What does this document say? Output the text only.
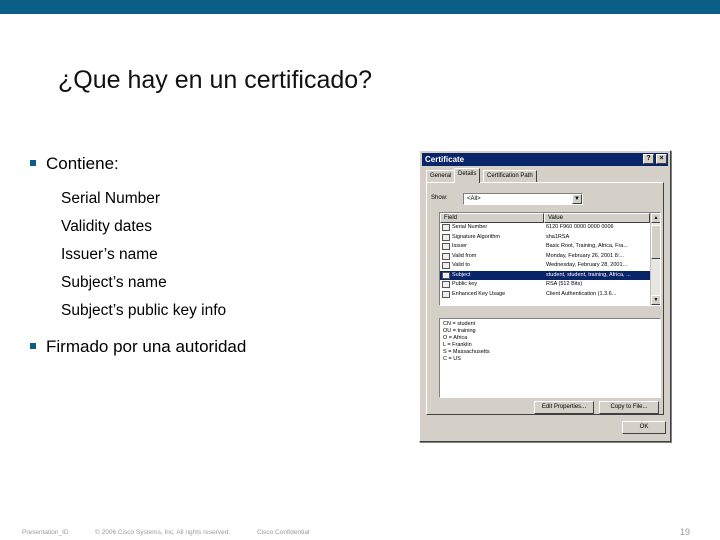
¿Que hay en un certificado?
Contiene:
Serial Number
Validity dates
Issuer’s name
Subject’s name
Subject’s public key info
Firmado por una autoridad
Certificate	?	×
General	Details	Certification Path
Show:	<All>	▼
Field	Value
Serial Number	6120 F960 0000 0000 0006
Signature Algorithm	sha1RSA
Issuer	Basic Root, Training, Africa, Fra...
Valid from	Monday, February 26, 2001 8:...
Valid to	Wednesday, February 28, 2001...
Subject	student, student, training, Africa, ...
Public key	RSA (512 Bits)
Enhanced Key Usage	Client Authentication (1.3.6...
▲
▼
CN = student
OU = training
O = Africa
L = Franklin
S = Massachusetts
C = US
Edit Properties...	Copy to File...
OK
Presentation_ID	© 2006 Cisco Systems, Inc. All rights reserved.	Cisco Confidential	19
